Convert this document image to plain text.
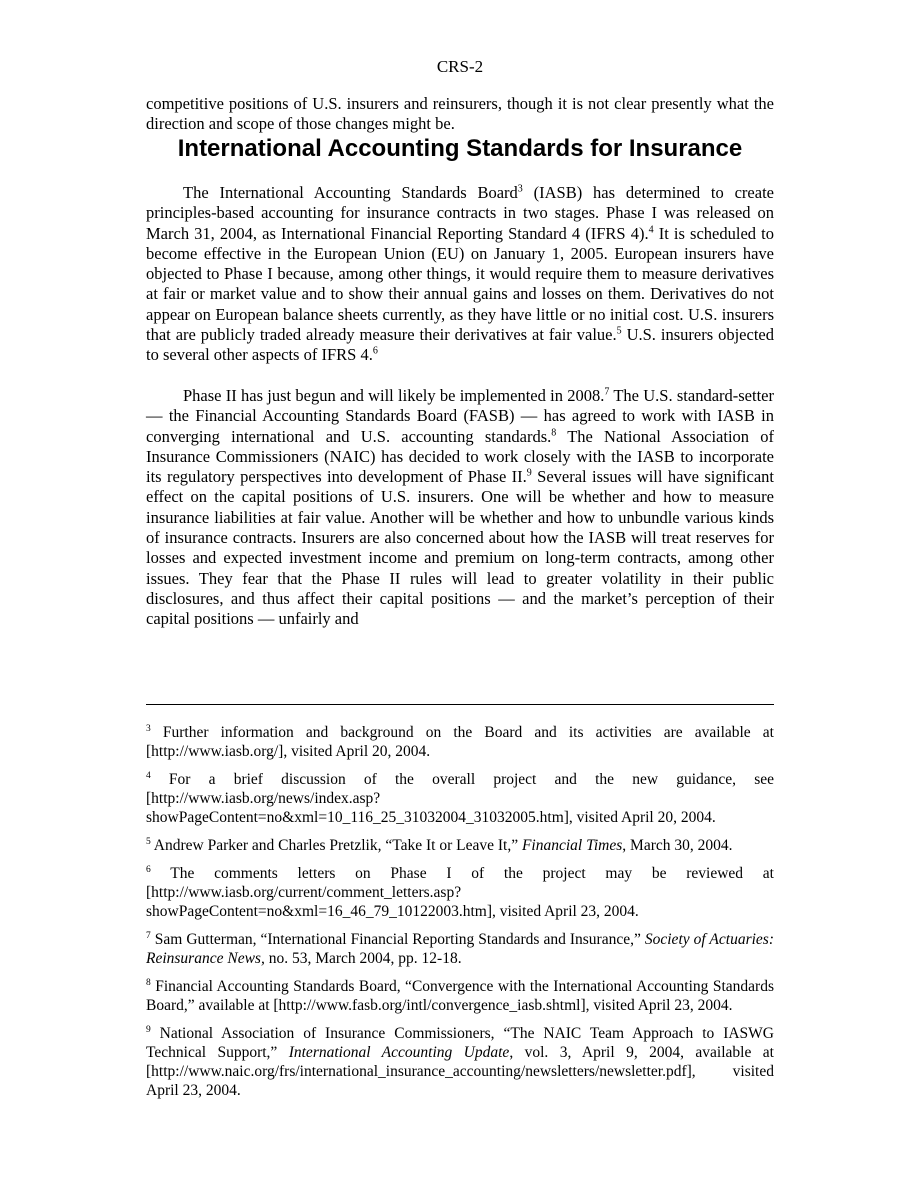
CRS-2

competitive positions of U.S. insurers and reinsurers, though it is not clear presently what the direction and scope of those changes might be.

International Accounting Standards for Insurance

The International Accounting Standards Board$^3$ (IASB) has determined to create principles-based accounting for insurance contracts in two stages. Phase I was released on March 31, 2004, as International Financial Reporting Standard 4 (IFRS 4).$^4$ It is scheduled to become effective in the European Union (EU) on January 1, 2005. European insurers have objected to Phase I because, among other things, it would require them to measure derivatives at fair or market value and to show their annual gains and losses on them. Derivatives do not appear on European balance sheets currently, as they have little or no initial cost. U.S. insurers that are publicly traded already measure their derivatives at fair value.$^5$ U.S. insurers objected to several other aspects of IFRS 4.$^6$

Phase II has just begun and will likely be implemented in 2008.$^7$ The U.S. standard-setter — the Financial Accounting Standards Board (FASB) — has agreed to work with IASB in converging international and U.S. accounting standards.$^8$ The National Association of Insurance Commissioners (NAIC) has decided to work closely with the IASB to incorporate its regulatory perspectives into development of Phase II.$^9$ Several issues will have significant effect on the capital positions of U.S. insurers. One will be whether and how to measure insurance liabilities at fair value. Another will be whether and how to unbundle various kinds of insurance contracts. Insurers are also concerned about how the IASB will treat reserves for losses and expected investment income and premium on long-term contracts, among other issues. They fear that the Phase II rules will lead to greater volatility in their public disclosures, and thus affect their capital positions — and the market’s perception of their capital positions — unfairly and

$^3$ Further information and background on the Board and its activities are available at [http://www.iasb.org/], visited April 20, 2004.

$^4$ For a brief discussion of the overall project and the new guidance, see [http://www.iasb.org/news/index.asp?showPageContent=no&xml=10_116_25_31032004_31032005.htm], visited April 20, 2004.

$^5$ Andrew Parker and Charles Pretzlik, “Take It or Leave It,” Financial Times, March 30, 2004.

$^6$ The comments letters on Phase I of the project may be reviewed at [http://www.iasb.org/current/comment_letters.asp?showPageContent=no&xml=16_46_79_10122003.htm], visited April 23, 2004.

$^7$ Sam Gutterman, “International Financial Reporting Standards and Insurance,” Society of Actuaries: Reinsurance News, no. 53, March 2004, pp. 12-18.

$^8$ Financial Accounting Standards Board, “Convergence with the International Accounting Standards Board,” available at [http://www.fasb.org/intl/convergence_iasb.shtml], visited April 23, 2004.

$^9$ National Association of Insurance Commissioners, “The NAIC Team Approach to IASWG Technical Support,” International Accounting Update, vol. 3, April 9, 2004, available at [http://www.naic.org/frs/international_insurance_accounting/newsletters/newsletter.pdf], visited April 23, 2004.
